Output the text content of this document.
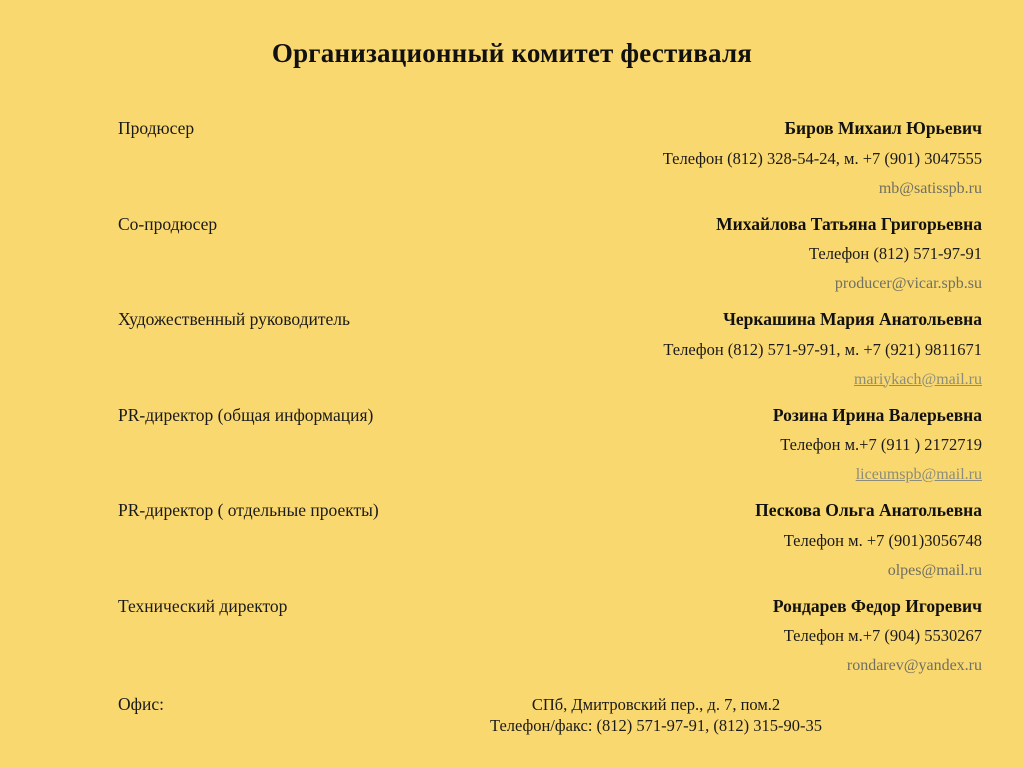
Организационный комитет фестиваля
Продюсер	Биров Михаил Юрьевич
Телефон (812) 328-54-24, м. +7 (901) 3047555
mb@satisspb.ru
Со-продюсер	Михайлова Татьяна Григорьевна
Телефон (812) 571-97-91
producer@vicar.spb.su
Художественный руководитель	Черкашина Мария Анатольевна
Телефон (812) 571-97-91, м. +7 (921) 9811671
mariykach@mail.ru
PR-директор (общая информация)	Розина Ирина Валерьевна
Телефон м.+7 (911 ) 2172719
liceumspb@mail.ru
PR-директор ( отдельные проекты)	Пескова Ольга Анатольевна
Телефон м. +7 (901)3056748
olpes@mail.ru
Технический директор	Рондарев Федор Игоревич
Телефон м.+7 (904) 5530267
rondarev@yandex.ru
Офис:	СПб, Дмитровский пер., д. 7, пом.2
Телефон/факс: (812) 571-97-91, (812) 315-90-35
